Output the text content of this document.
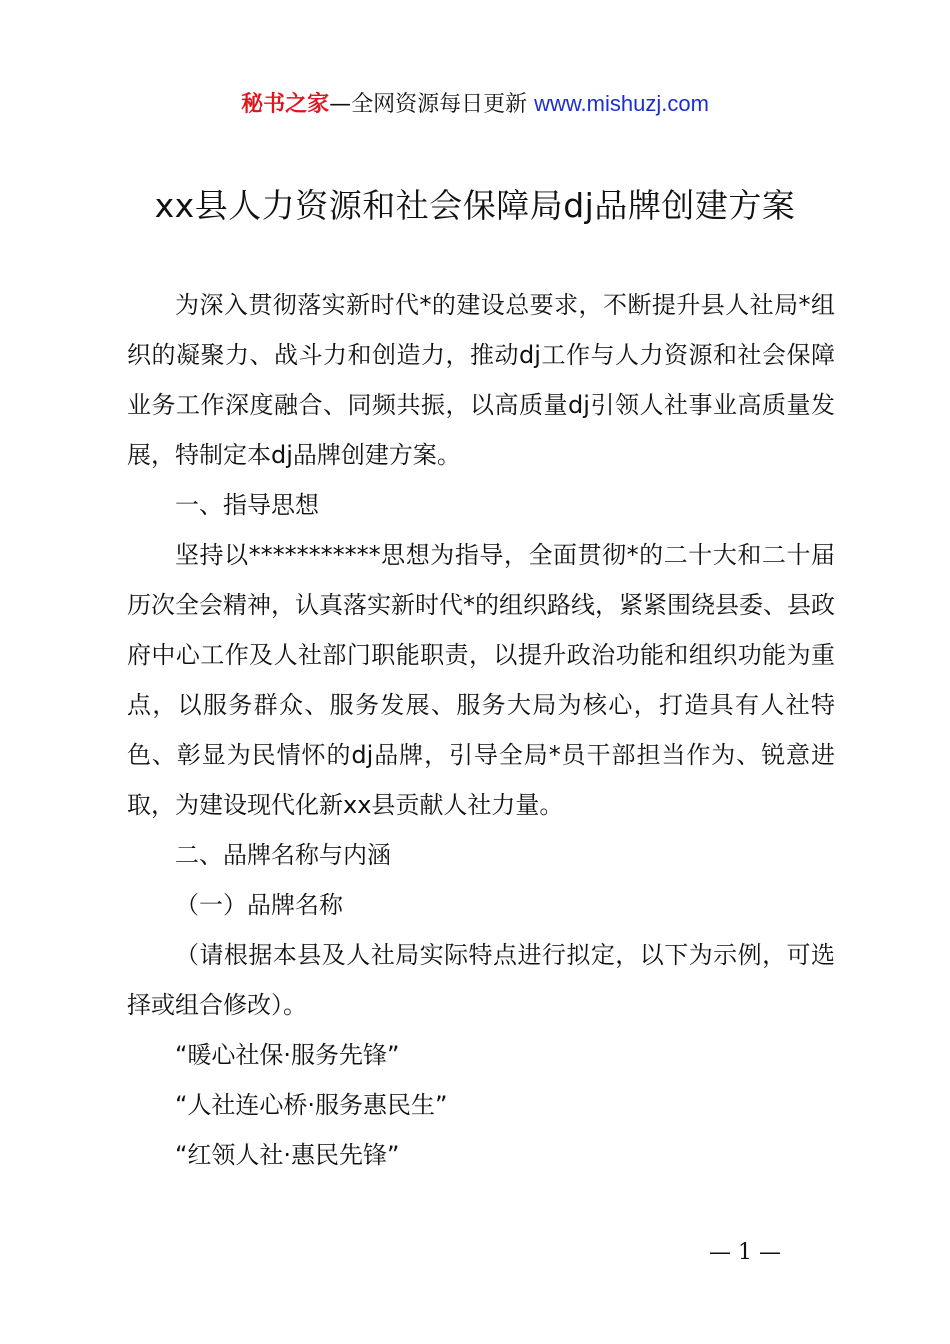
秘书之家—全网资源每日更新 www.mishuzj.com
xx县人力资源和社会保障局dj品牌创建方案

为深入贯彻落实新时代*的建设总要求，不断提升县人社局*组织的凝聚力、战斗力和创造力，推动dj工作与人力资源和社会保障业务工作深度融合、同频共振，以高质量dj引领人社事业高质量发展，特制定本dj品牌创建方案。

一、指导思想

坚持以***********思想为指导，全面贯彻*的二十大和二十届历次全会精神，认真落实新时代*的组织路线，紧紧围绕县委、县政府中心工作及人社部门职能职责，以提升政治功能和组织功能为重点，以服务群众、服务发展、服务大局为核心，打造具有人社特色、彰显为民情怀的dj品牌，引导全局*员干部担当作为、锐意进取，为建设现代化新xx县贡献人社力量。

二、品牌名称与内涵

（一）品牌名称

（请根据本县及人社局实际特点进行拟定，以下为示例，可选择或组合修改）。

“暖心社保·服务先锋”

“人社连心桥·服务惠民生”

“红领人社·惠民先锋”

— 1 —
